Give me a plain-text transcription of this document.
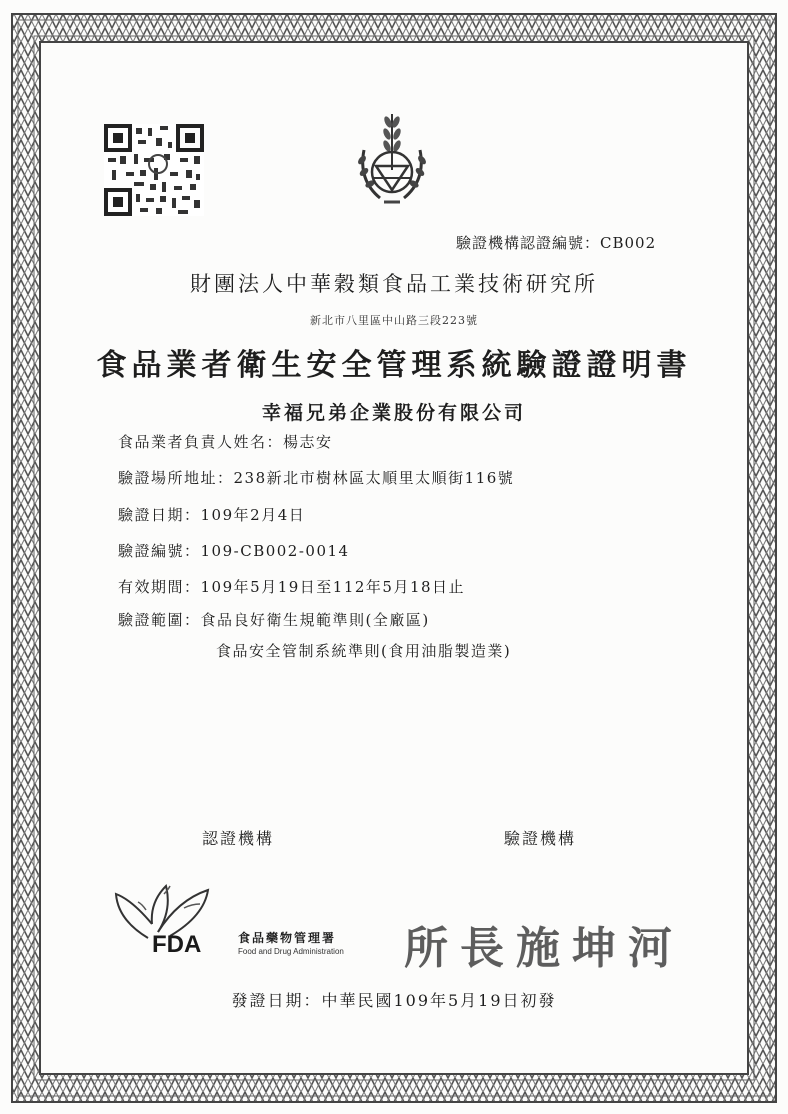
驗證機構認證編號：CB002
財團法人中華穀類食品工業技術研究所
新北市八里區中山路三段223號
食品業者衛生安全管理系統驗證證明書
幸福兄弟企業股份有限公司
食品業者負責人姓名：楊志安
驗證場所地址：238新北市樹林區太順里太順街116號
驗證日期：109年2月4日
驗證編號：109-CB002-0014
有效期間：109年5月19日至112年5月18日止
驗證範圍：食品良好衛生規範準則(全廠區)
食品安全管制系統準則(食用油脂製造業)
認證機構	驗證機構
FDA	食品藥物管理署
Food and Drug Administration 所長施坤河
發證日期：中華民國109年5月19日初發
